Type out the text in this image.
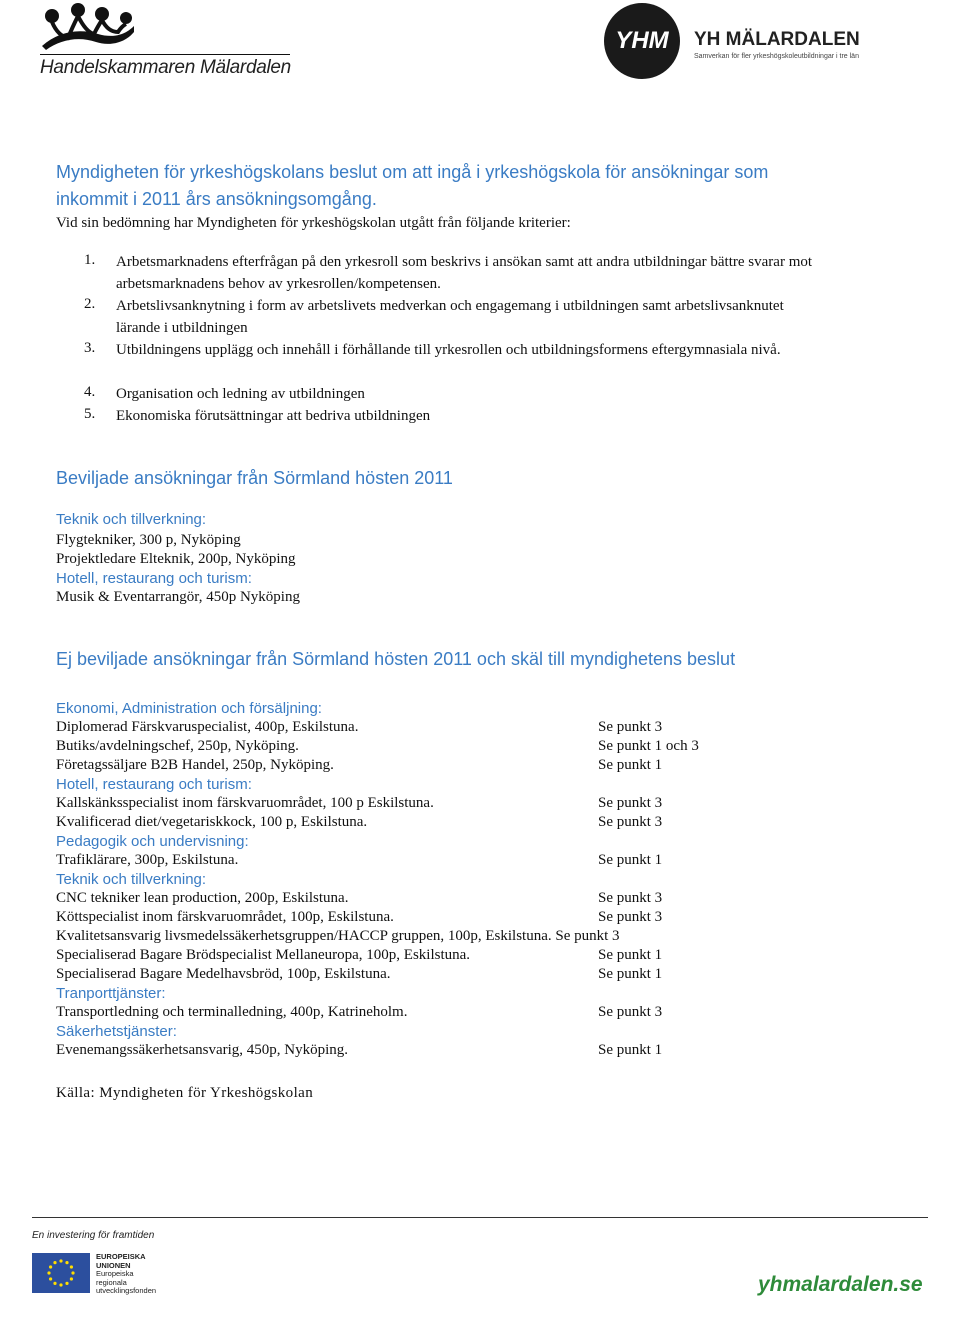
Handelskammaren Mälardalen
YHM	YH MÄLARDALEN
Samverkan för fler yrkeshögskoleutbildningar i tre län
Myndigheten för yrkeshögskolans beslut om att ingå i yrkeshögskola för ansökningar som
inkommit i 2011 års ansökningsomgång.
Vid sin bedömning har Myndigheten för yrkeshögskolan utgått från följande kriterier:
1. Arbetsmarknadens efterfrågan på den yrkesroll som beskrivs i ansökan samt att andra utbildningar bättre svarar mot arbetsmarknadens behov av yrkesrollen/kompetensen.
2. Arbetslivsanknytning i form av arbetslivets medverkan och engagemang i utbildningen samt arbetslivsanknutet lärande i utbildningen
3. Utbildningens upplägg och innehåll i förhållande till yrkesrollen och utbildningsformens eftergymnasiala nivå.
4. Organisation och ledning av utbildningen
5. Ekonomiska förutsättningar att bedriva utbildningen
Beviljade ansökningar från Sörmland hösten 2011
Teknik och tillverkning:
Flygtekniker, 300 p, Nyköping
Projektledare Elteknik, 200p, Nyköping
Hotell, restaurang och turism:
Musik & Eventarrangör, 450p Nyköping
Ej beviljade ansökningar från Sörmland hösten 2011 och skäl till myndighetens beslut
Ekonomi, Administration och försäljning:
Diplomerad Färskvaruspecialist, 400p, Eskilstuna.	Se punkt 3
Butiks/avdelningschef, 250p, Nyköping.	Se punkt 1 och 3
Företagssäljare B2B Handel, 250p, Nyköping.	Se punkt 1
Hotell, restaurang och turism:
Kallskänksspecialist inom färskvaruområdet, 100 p Eskilstuna.	Se punkt 3
Kvalificerad diet/vegetariskkock, 100 p, Eskilstuna.	Se punkt 3
Pedagogik och undervisning:
Trafiklärare, 300p, Eskilstuna.	Se punkt 1
Teknik och tillverkning:
CNC tekniker lean production, 200p, Eskilstuna.	Se punkt 3
Köttspecialist inom färskvaruområdet, 100p, Eskilstuna.	Se punkt 3
Kvalitetsansvarig livsmedelssäkerhetsgruppen/HACCP gruppen, 100p, Eskilstuna. Se punkt 3
Specialiserad Bagare Brödspecialist Mellaneuropa, 100p, Eskilstuna.	Se punkt 1
Specialiserad Bagare Medelhavsbröd, 100p, Eskilstuna.	Se punkt 1
Tranporttjänster:
Transportledning och terminalledning, 400p, Katrineholm.	Se punkt 3
Säkerhetstjänster:
Evenemangssäkerhetsansvarig, 450p, Nyköping.	Se punkt 1
Källa: Myndigheten för Yrkeshögskolan
En investering för framtiden
EUROPEISKA
UNIONEN
Europeiska
regionala
utvecklingsfonden	yhmalardalen.se
